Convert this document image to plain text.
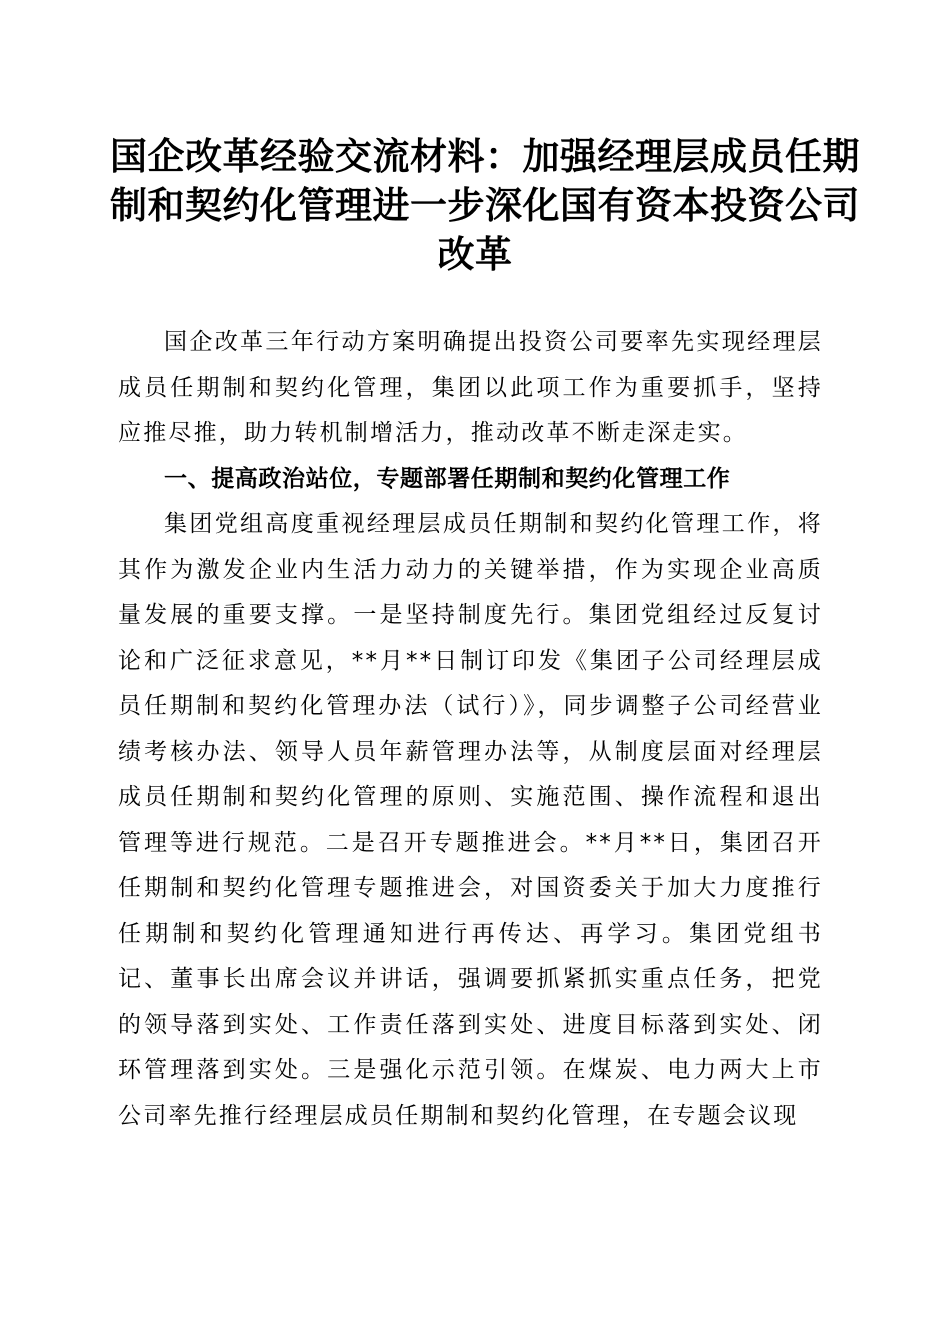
国企改革经验交流材料：加强经理层成员任期
制和契约化管理进一步深化国有资本投资公司
改革

国企改革三年行动方案明确提出投资公司要率先实现经理层成员任期制和契约化管理，集团以此项工作为重要抓手，坚持应推尽推，助力转机制增活力，推动改革不断走深走实。

一、提高政治站位，专题部署任期制和契约化管理工作

集团党组高度重视经理层成员任期制和契约化管理工作，将其作为激发企业内生活力动力的关键举措，作为实现企业高质量发展的重要支撑。一是坚持制度先行。集团党组经过反复讨论和广泛征求意见，**月**日制订印发《集团子公司经理层成员任期制和契约化管理办法（试行）》，同步调整子公司经营业绩考核办法、领导人员年薪管理办法等，从制度层面对经理层成员任期制和契约化管理的原则、实施范围、操作流程和退出管理等进行规范。二是召开专题推进会。**月**日，集团召开任期制和契约化管理专题推进会，对国资委关于加大力度推行任期制和契约化管理通知进行再传达、再学习。集团党组书记、董事长出席会议并讲话，强调要抓紧抓实重点任务，把党的领导落到实处、工作责任落到实处、进度目标落到实处、闭环管理落到实处。三是强化示范引领。在煤炭、电力两大上市公司率先推行经理层成员任期制和契约化管理，在专题会议现
